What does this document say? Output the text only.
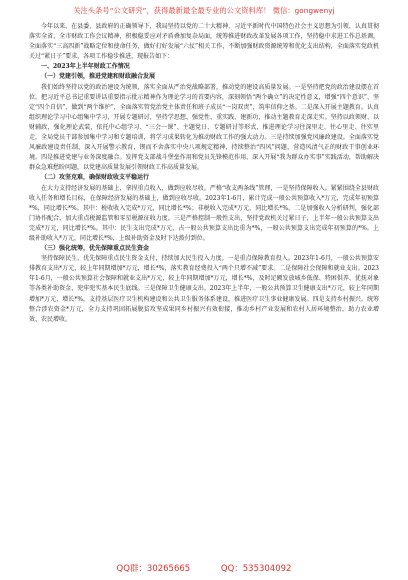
关注头条号“公文研究”，获得最新最全最专业的公文资料库！ 微信：gongwenyj

今年以来，在县委、县政府的正确领导下，我局坚持以党的二十大精神、习近平新时代中国特色社会主义思想为引领，认真贯彻落实全省、全市财政工作会议精神，积极稳妥应对矛盾叠加复杂局面，统筹推进财政改革发展各项工作，坚持稳中求进工作总基调，全面落实“三高四新”战略定位和使命任务，做好打好发展“六仗”相关工作，不断加强财政资源统筹和优化支出结构，全面落实党政机关过“紧日子”要求，各项工作稳步推进，现报告如下：

一、2023年上半年财政工作情况

（一）党建引领，推进党建和财政融合发展

我们始终坚持以党的政治建设为统领，落实全面从严治党战略部署，推动党的建设高质量发展。一是坚持把党的政治建设摆在首位。把习近平总书记重要讲话重要指示批示精神作为理论学习的首要内容，深刻领悟“两个确立”的决定性意义，增强“四个意识”、坚定“四个自信”、做到“两个维护”，全面落实管党治党主体责任和班子成员“一岗双责”，筑牢信仰之基。二是深入开展主题教育。认真组织理论学习中心组集中学习，开展专题研讨，坚持学思想、强党性、重实践、建新功，推动主题教育走深走实。坚持以政领财、以财辅政，强化理论武装，依托中心组学习、“三会一课”、主题党日、专题研讨等形式，推进理论学习往深里走、往心里走、往实里走，全局党员干部参加集中学习和专题培训，将学习成果转化为推动财政工作的强大动力。三是持续加强党风廉政建设。全面落实党风廉政建设责任制，深入开展警示教育，锲而不舍落实中央八项规定精神，持续整治“四风”问题，营造风清气正的财政干事创业环境。四是推进党建与业务深度融合。发挥党支部战斗堡垒作用和党员先锋模范作用，深入开展“我为群众办实事”实践活动，帮助解决群众急难愁盼问题，以党建高质量发展引领财政工作高质量发展。

（二）攻坚克难，确保财政收支平稳运行

在大力支持经济发展的基础上，拿捏重点收入，做到应收尽收。严格“收支两条线”管理，一是坚持保障收入。紧紧围绕全县财政收入任务和增长目标，在保障经济发展的基础上，做到应收尽收。2023年1-6月，累计完成一般公共预算收入*万元，完成年初预算*%，同比增长*%。其中：税收收入完成*万元，同比增长*%；非税收入完成*万元，同比增长*%。二是加强收入分析研判，强化部门协作配合，加大重点税源监管和零星税源征收力度。三是严格控制一般性支出，坚持党政机关过紧日子，上半年一般公共预算支出完成*万元，同比增长*%。其中：民生支出完成*万元，占一般公共预算支出比重为*%，一般公共预算支出完成年初预算的*%。上级补助收入*万元，同比增长*%，上级补助资金及时下达拨付到位。

（三）强化统筹，优先保障重点民生资金

坚持保障民生，优先保障重点民生资金支付，持续加大民生投入力度。一是重点保障教育投入。2023年1-6月，一般公共预算安排教育支出*万元，较上年同期增加*万元，增长*%，落实教育经费投入“两个只增不减”要求。二是保障社会保障和就业支出。2023年1-6月，一般公共预算社会保障和就业支出*万元，较上年同期增加*万元，增长*%，及时足额发放城乡低保、特困供养、优抚对象等各类补助资金，兜牢兜实基本民生底线。三是保障卫生健康支出。2023年上半年，一般公共预算卫生健康支出*万元，较上年同期增加*万元，增长*%，支持基层医疗卫生机构建设和公共卫生服务体系建设，推进医疗卫生事业健康发展。四是支持乡村振兴。统筹整合涉农资金*万元，全力支持巩固拓展脱贫攻坚成果同乡村振兴有效衔接，推动乡村产业发展和农村人居环境整治，助力农业增效、农民增收。

QQ群：30265665	QQ：535304092
